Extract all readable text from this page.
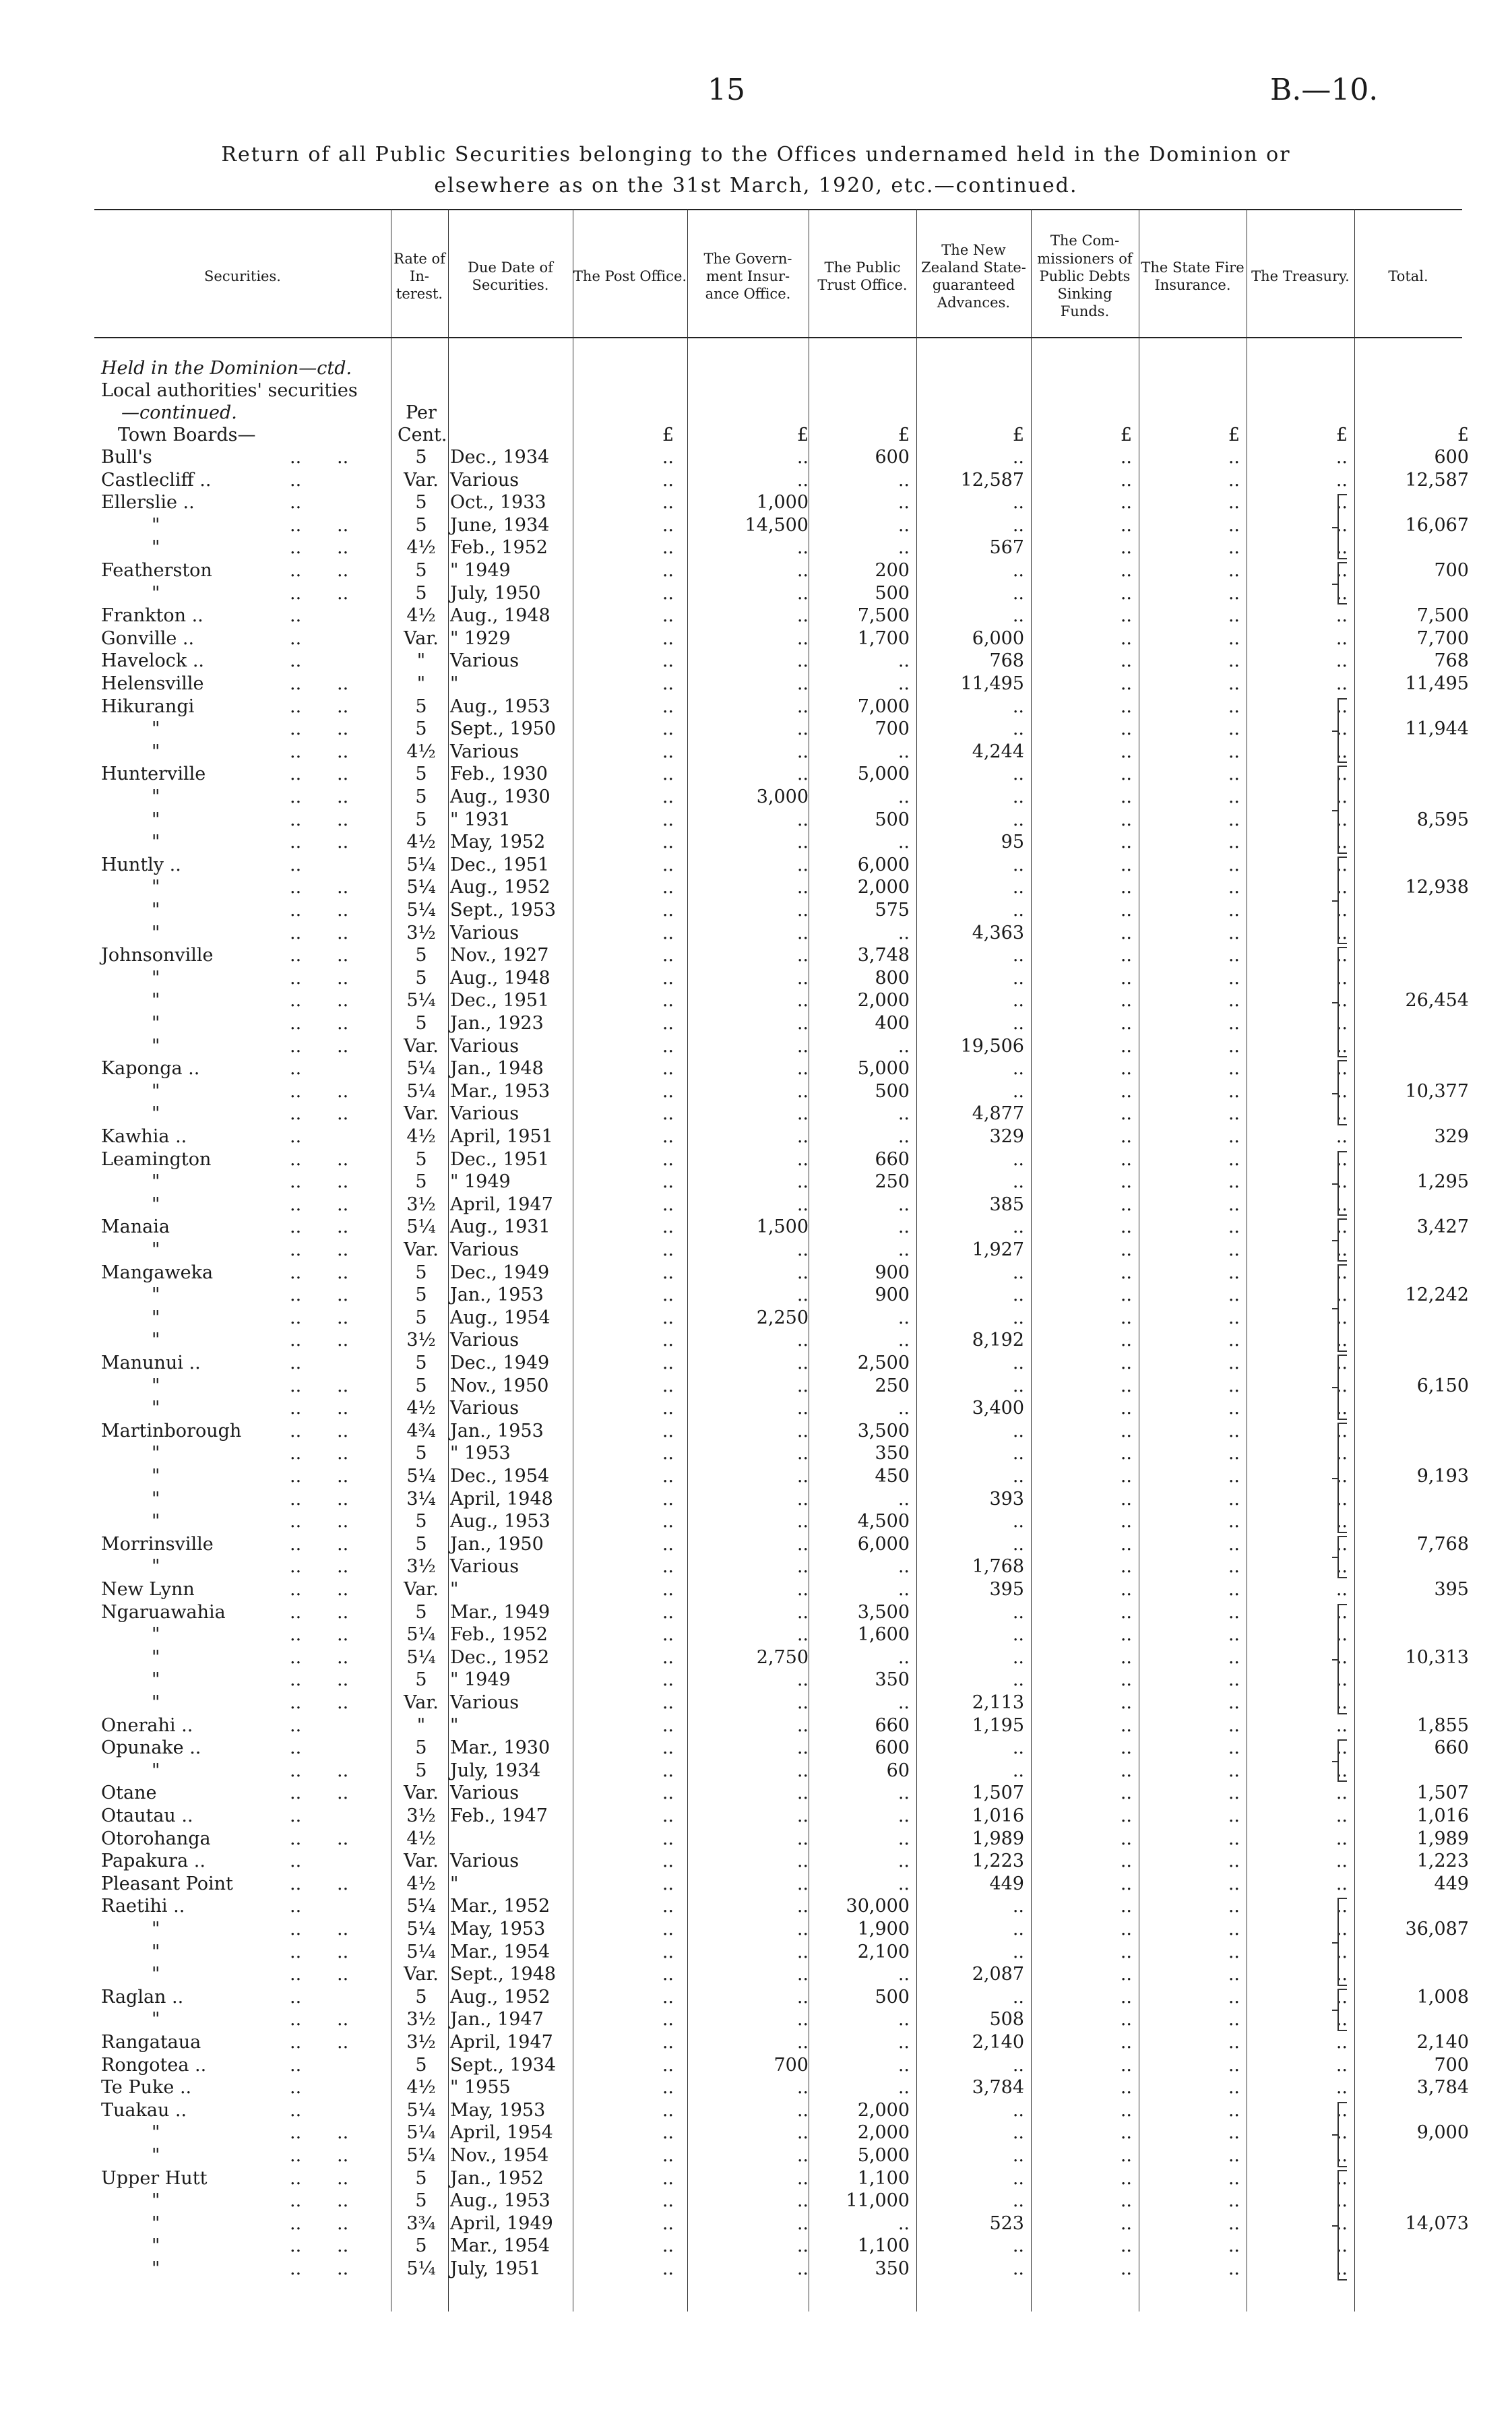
15	B.—10.
Return of all Public Securities belonging to the Offices undernamed held in the Dominion or
elsewhere as on the 31st March, 1920, etc.—continued.
Securities.
Rate of In- terest.
Due Date of Securities.
The Post Office.
The Govern- ment Insur- ance Office.
The Public Trust Office.
The New Zealand State- guaranteed Advances.
The Com- missioners of Public Debts Sinking Funds.
The State Fire Insurance.
The Treasury.	Total.
Held in the Dominion—ctd.
Local authorities' securities
—continued.	Per
Town Boards—	Cent.	£	£	£	£	£	£	£	£
Bull's	.. ..	5	Dec., 1934	..	..	600	..	..	..	..	600
Castlecliff ..	..	Var. Various	..	..	..	12,587	..	..	..	12,587
Ellerslie ..	..	5	Oct., 1933	..	1,000	..	..	..	..	..
"	.. ..	5	June, 1934	..	14,500	..	..	..	..	..	16,067
"	.. ..	4½ Feb., 1952	..	..	..	567	..	..	..
Featherston	.. ..	5	" 1949	..	..	200	..	..	..	..	700
"	.. ..	5	July, 1950	..	..	500	..	..	..	..
Frankton ..	..	4½ Aug., 1948	..	..	7,500	..	..	..	..	7,500
Gonville ..	..	Var. " 1929	..	..	1,700	6,000	..	..	..	7,700
Havelock ..	..	"	Various	..	..	..	768	..	..	..	768
Helensville	.. ..	"	"	..	..	..	11,495	..	..	..	11,495
Hikurangi	.. ..	5	Aug., 1953	..	..	7,000	..	..	..	..
"	.. ..	5	Sept., 1950	..	..	700	..	..	..	..	11,944
"	.. ..	4½ Various	..	..	..	4,244	..	..	..
Hunterville	.. ..	5	Feb., 1930	..	..	5,000	..	..	..	..
"	.. ..	5	Aug., 1930	..	3,000	..	..	..	..	..
"	.. ..	5	" 1931	..	..	500	..	..	..	..	8,595
"	.. ..	4½ May, 1952	..	..	..	95	..	..	..
Huntly ..	..	5¼ Dec., 1951	..	..	6,000	..	..	..	..
"	.. ..	5¼ Aug., 1952	..	..	2,000	..	..	..	..	12,938
"	.. ..	5¼ Sept., 1953	..	..	575	..	..	..	..
"	.. ..	3½ Various	..	..	..	4,363	..	..	..
Johnsonville	.. ..	5	Nov., 1927	..	..	3,748	..	..	..	..
"	.. ..	5	Aug., 1948	..	..	800	..	..	..	..
"	.. ..	5¼ Dec., 1951	..	..	2,000	..	..	..	..	26,454
"	.. ..	5	Jan., 1923	..	..	400	..	..	..	..
"	.. ..	Var. Various	..	..	..	19,506	..	..	..
Kaponga ..	..	5¼ Jan., 1948	..	..	5,000	..	..	..	..
"	.. ..	5¼ Mar., 1953	..	..	500	..	..	..	..	10,377
"	.. ..	Var. Various	..	..	..	4,877	..	..	..
Kawhia ..	..	4½ April, 1951	..	..	..	329	..	..	..	329
Leamington	.. ..	5	Dec., 1951	..	..	660	..	..	..	..
"	.. ..	5	" 1949	..	..	250	..	..	..	..	1,295
"	.. ..	3½ April, 1947	..	..	..	385	..	..	..
Manaia	.. ..	5¼ Aug., 1931	..	1,500	..	..	..	..	..	3,427
"	.. ..	Var. Various	..	..	..	1,927	..	..	..
Mangaweka	.. ..	5	Dec., 1949	..	..	900	..	..	..	..
"	.. ..	5	Jan., 1953	..	..	900	..	..	..	..	12,242
"	.. ..	5	Aug., 1954	..	2,250	..	..	..	..	..
"	.. ..	3½ Various	..	..	..	8,192	..	..	..
Manunui ..	..	5	Dec., 1949	..	..	2,500	..	..	..	..
"	.. ..	5	Nov., 1950	..	..	250	..	..	..	..	6,150
"	.. ..	4½ Various	..	..	..	3,400	..	..	..
Martinborough	.. ..	4¾ Jan., 1953	..	..	3,500	..	..	..	..
"	.. ..	5	" 1953	..	..	350	..	..	..	..
"	.. ..	5¼ Dec., 1954	..	..	450	..	..	..	..	9,193
"	.. ..	3¼ April, 1948	..	..	..	393	..	..	..
"	.. ..	5	Aug., 1953	..	..	4,500	..	..	..	..
Morrinsville	.. ..	5	Jan., 1950	..	..	6,000	..	..	..	..	7,768
"	.. ..	3½ Various	..	..	..	1,768	..	..	..
New Lynn	.. ..	Var. "	..	..	..	395	..	..	..	395
Ngaruawahia	.. ..	5	Mar., 1949	..	..	3,500	..	..	..	..
"	.. ..	5¼ Feb., 1952	..	..	1,600	..	..	..	..
"	.. ..	5¼ Dec., 1952	..	2,750	..	..	..	..	..	10,313
"	.. ..	5	" 1949	..	..	350	..	..	..	..
"	.. ..	Var. Various	..	..	..	2,113	..	..	..
Onerahi ..	..	"	"	..	..	660	1,195	..	..	..	1,855
Opunake ..	..	5	Mar., 1930	..	..	600	..	..	..	..	660
"	.. ..	5	July, 1934	..	..	60	..	..	..	..
Otane	.. ..	Var. Various	..	..	..	1,507	..	..	..	1,507
Otautau ..	..	3½ Feb., 1947	..	..	..	1,016	..	..	..	1,016
Otorohanga	.. ..	4½	..	..	..	1,989	..	..	..	1,989
Papakura ..	..	Var. Various	..	..	..	1,223	..	..	..	1,223
Pleasant Point	.. ..	4½ "	..	..	..	449	..	..	..	449
Raetihi ..	..	5¼ Mar., 1952	..	..	30,000	..	..	..	..
"	.. ..	5¼ May, 1953	..	..	1,900	..	..	..	..	36,087
"	.. ..	5¼ Mar., 1954	..	..	2,100	..	..	..	..
"	.. ..	Var. Sept., 1948	..	..	..	2,087	..	..	..
Raglan ..	..	5	Aug., 1952	..	..	500	..	..	..	..	1,008
"	.. ..	3½ Jan., 1947	..	..	..	508	..	..	..
Rangataua	.. ..	3½ April, 1947	..	..	..	2,140	..	..	..	2,140
Rongotea ..	..	5	Sept., 1934	..	700	..	..	..	..	..	700
Te Puke ..	..	4½ " 1955	..	..	..	3,784	..	..	..	3,784
Tuakau ..	..	5¼ May, 1953	..	..	2,000	..	..	..	..
"	.. ..	5¼ April, 1954	..	..	2,000	..	..	..	..	9,000
"	.. ..	5¼ Nov., 1954	..	..	5,000	..	..	..	..
Upper Hutt	.. ..	5	Jan., 1952	..	..	1,100	..	..	..	..
"	.. ..	5	Aug., 1953	..	..	11,000	..	..	..	..
"	.. ..	3¾ April, 1949	..	..	..	523	..	..	..	14,073
"	.. ..	5	Mar., 1954	..	..	1,100	..	..	..	..
"	.. ..	5¼ July, 1951	..	..	350	..	..	..	..
